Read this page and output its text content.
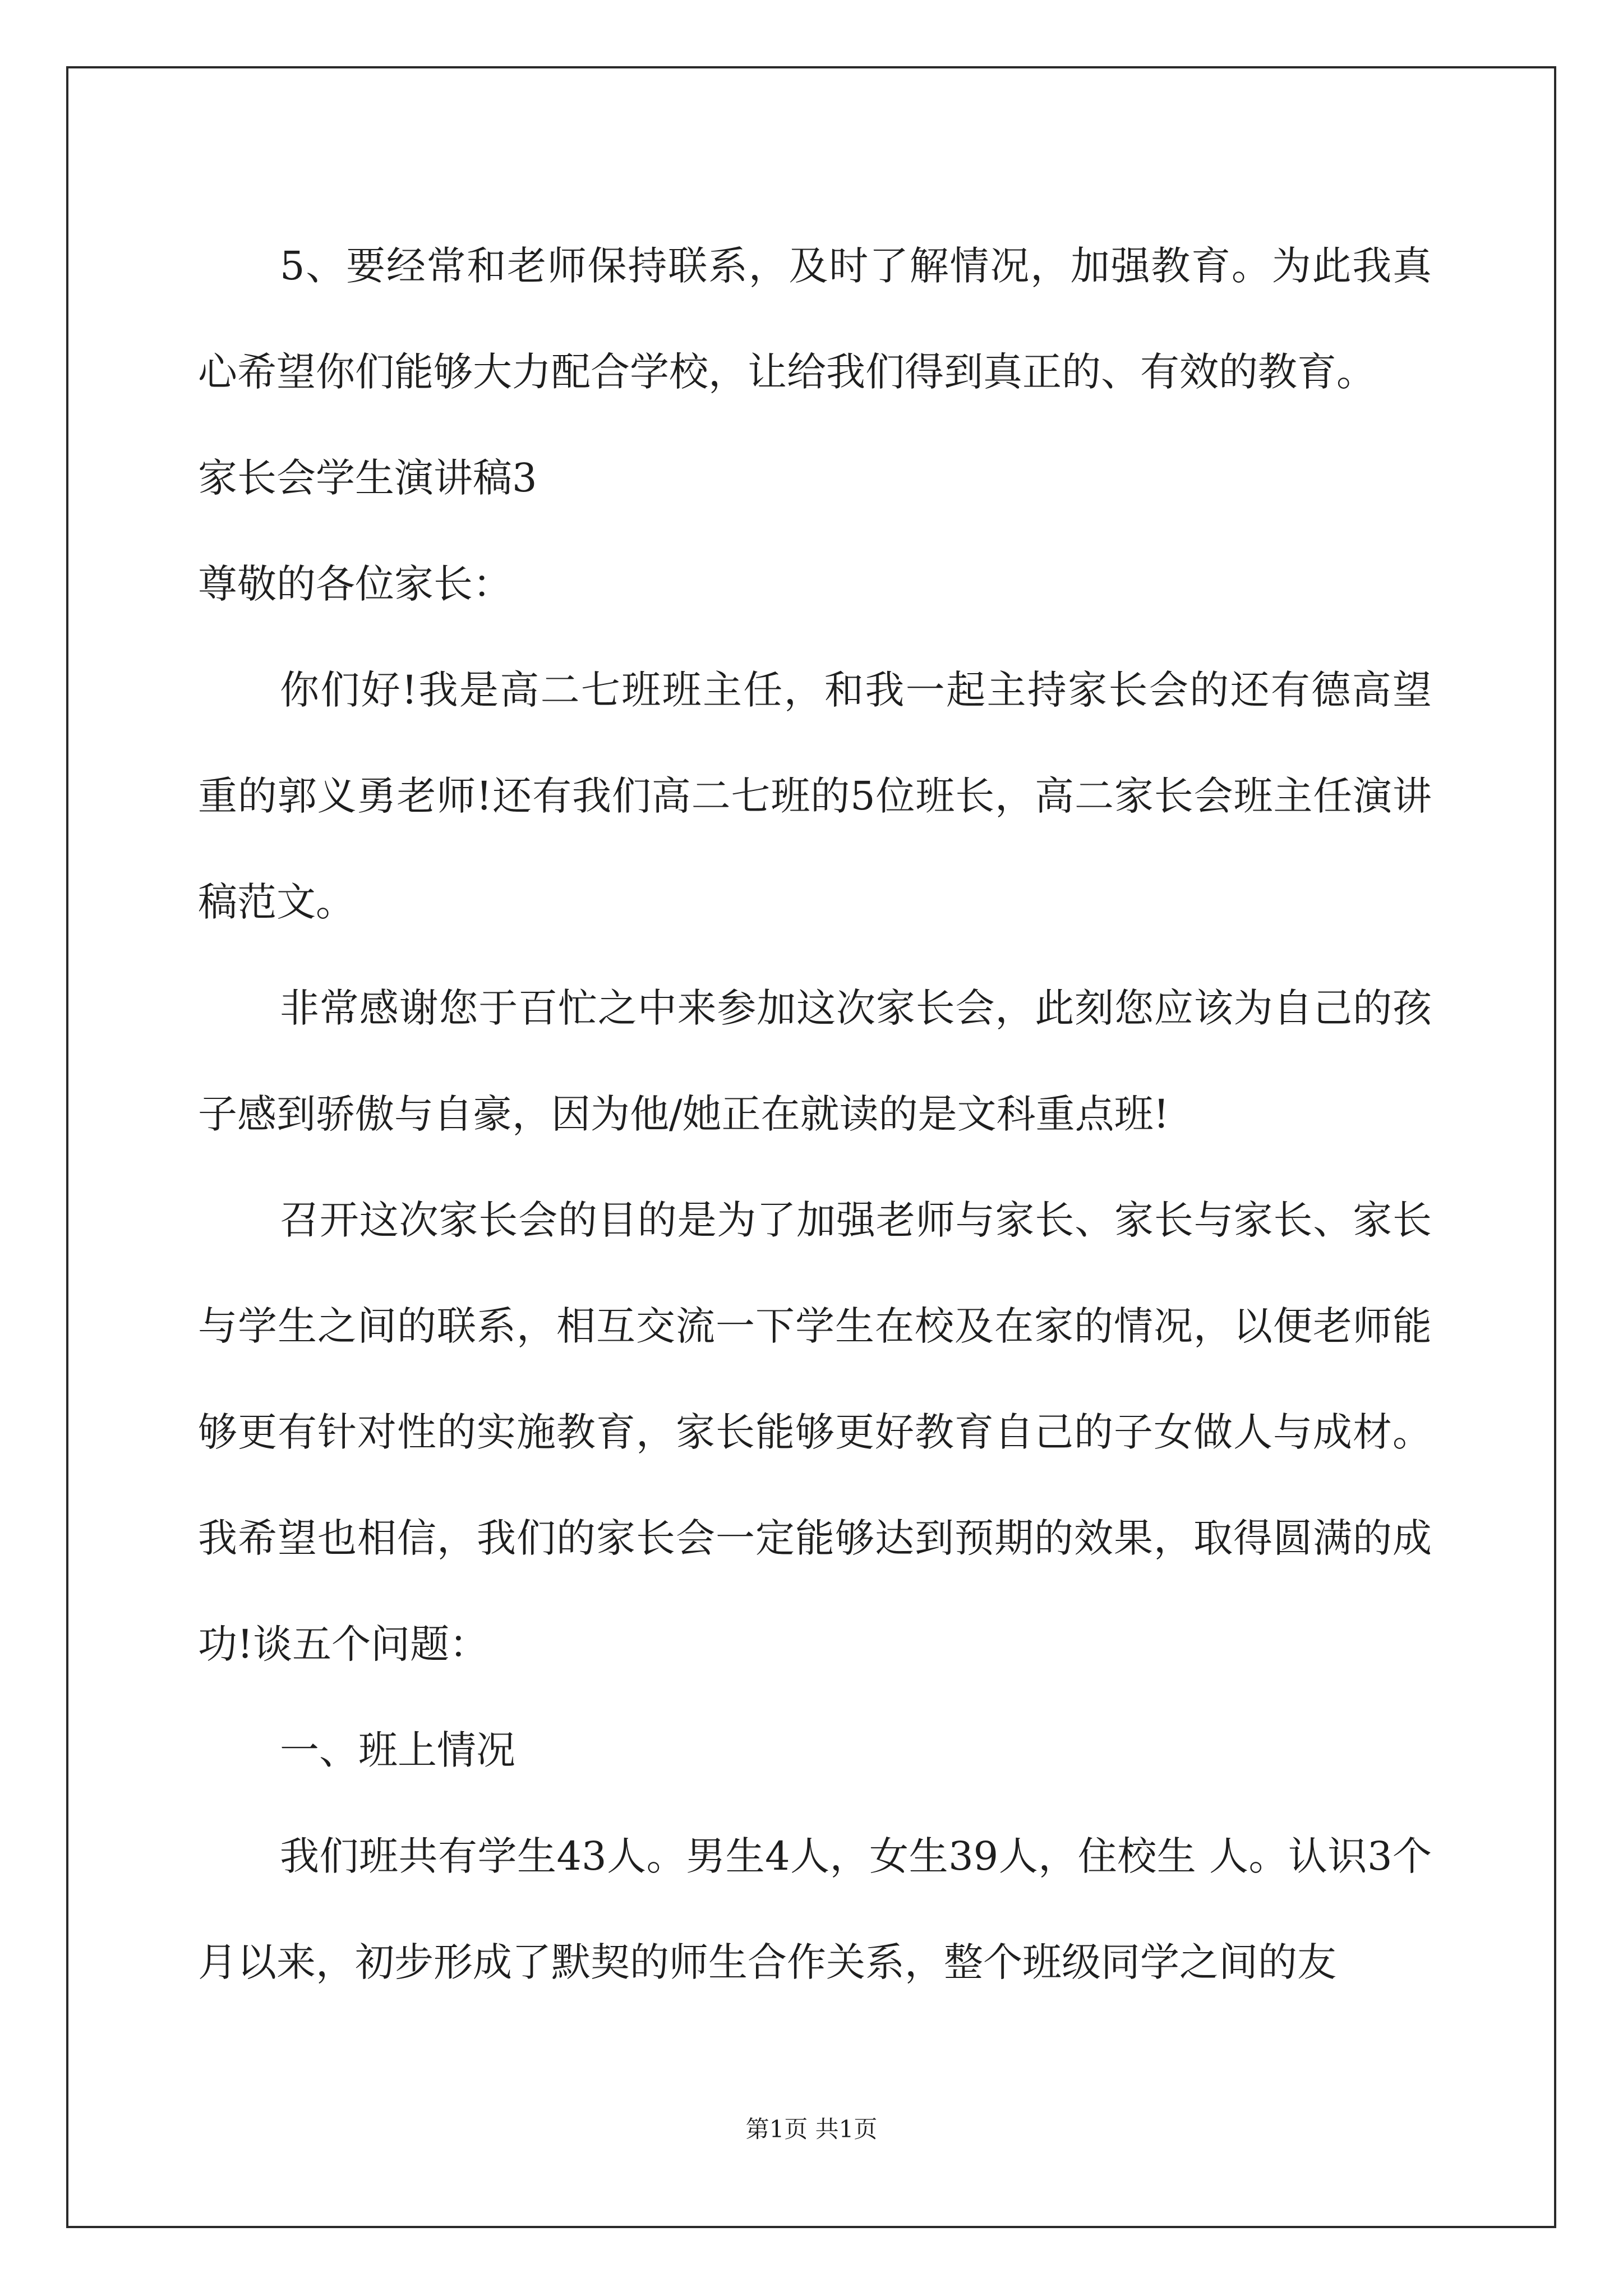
5、要经常和老师保持联系，及时了解情况，加强教育。为此我真心希望你们能够大力配合学校，让给我们得到真正的、有效的教育。

家长会学生演讲稿3

尊敬的各位家长：

你们好!我是高二七班班主任，和我一起主持家长会的还有德高望重的郭义勇老师!还有我们高二七班的5位班长，高二家长会班主任演讲稿范文。

非常感谢您于百忙之中来参加这次家长会，此刻您应该为自己的孩子感到骄傲与自豪，因为他/她正在就读的是文科重点班!

召开这次家长会的目的是为了加强老师与家长、家长与家长、家长与学生之间的联系，相互交流一下学生在校及在家的情况，以便老师能够更有针对性的实施教育，家长能够更好教育自己的子女做人与成材。我希望也相信，我们的家长会一定能够达到预期的效果，取得圆满的成功!谈五个问题：

一、班上情况

我们班共有学生43人。男生4人，女生39人，住校生 人。认识3个月以来，初步形成了默契的师生合作关系，整个班级同学之间的友

第1页 共1页
